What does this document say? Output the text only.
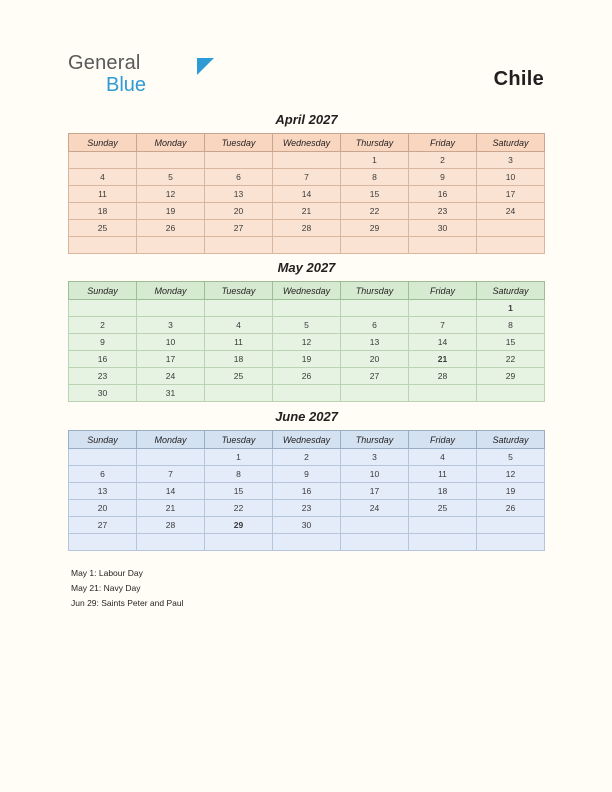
General
Blue	Chile
April 2027
Sunday	Monday	Tuesday	Wednesday	Thursday	Friday	Saturday
				1	2	3
4	5	6	7	8	9	10
11	12	13	14	15	16	17
18	19	20	21	22	23	24
25	26	27	28	29	30	

May 2027
Sunday	Monday	Tuesday	Wednesday	Thursday	Friday	Saturday
						1
2	3	4	5	6	7	8
9	10	11	12	13	14	15
16	17	18	19	20	21	22
23	24	25	26	27	28	29
30	31					
June 2027
Sunday	Monday	Tuesday	Wednesday	Thursday	Friday	Saturday
		1	2	3	4	5
6	7	8	9	10	11	12
13	14	15	16	17	18	19
20	21	22	23	24	25	26
27	28	29	30			

May 1: Labour Day
May 21: Navy Day
Jun 29: Saints Peter and Paul
